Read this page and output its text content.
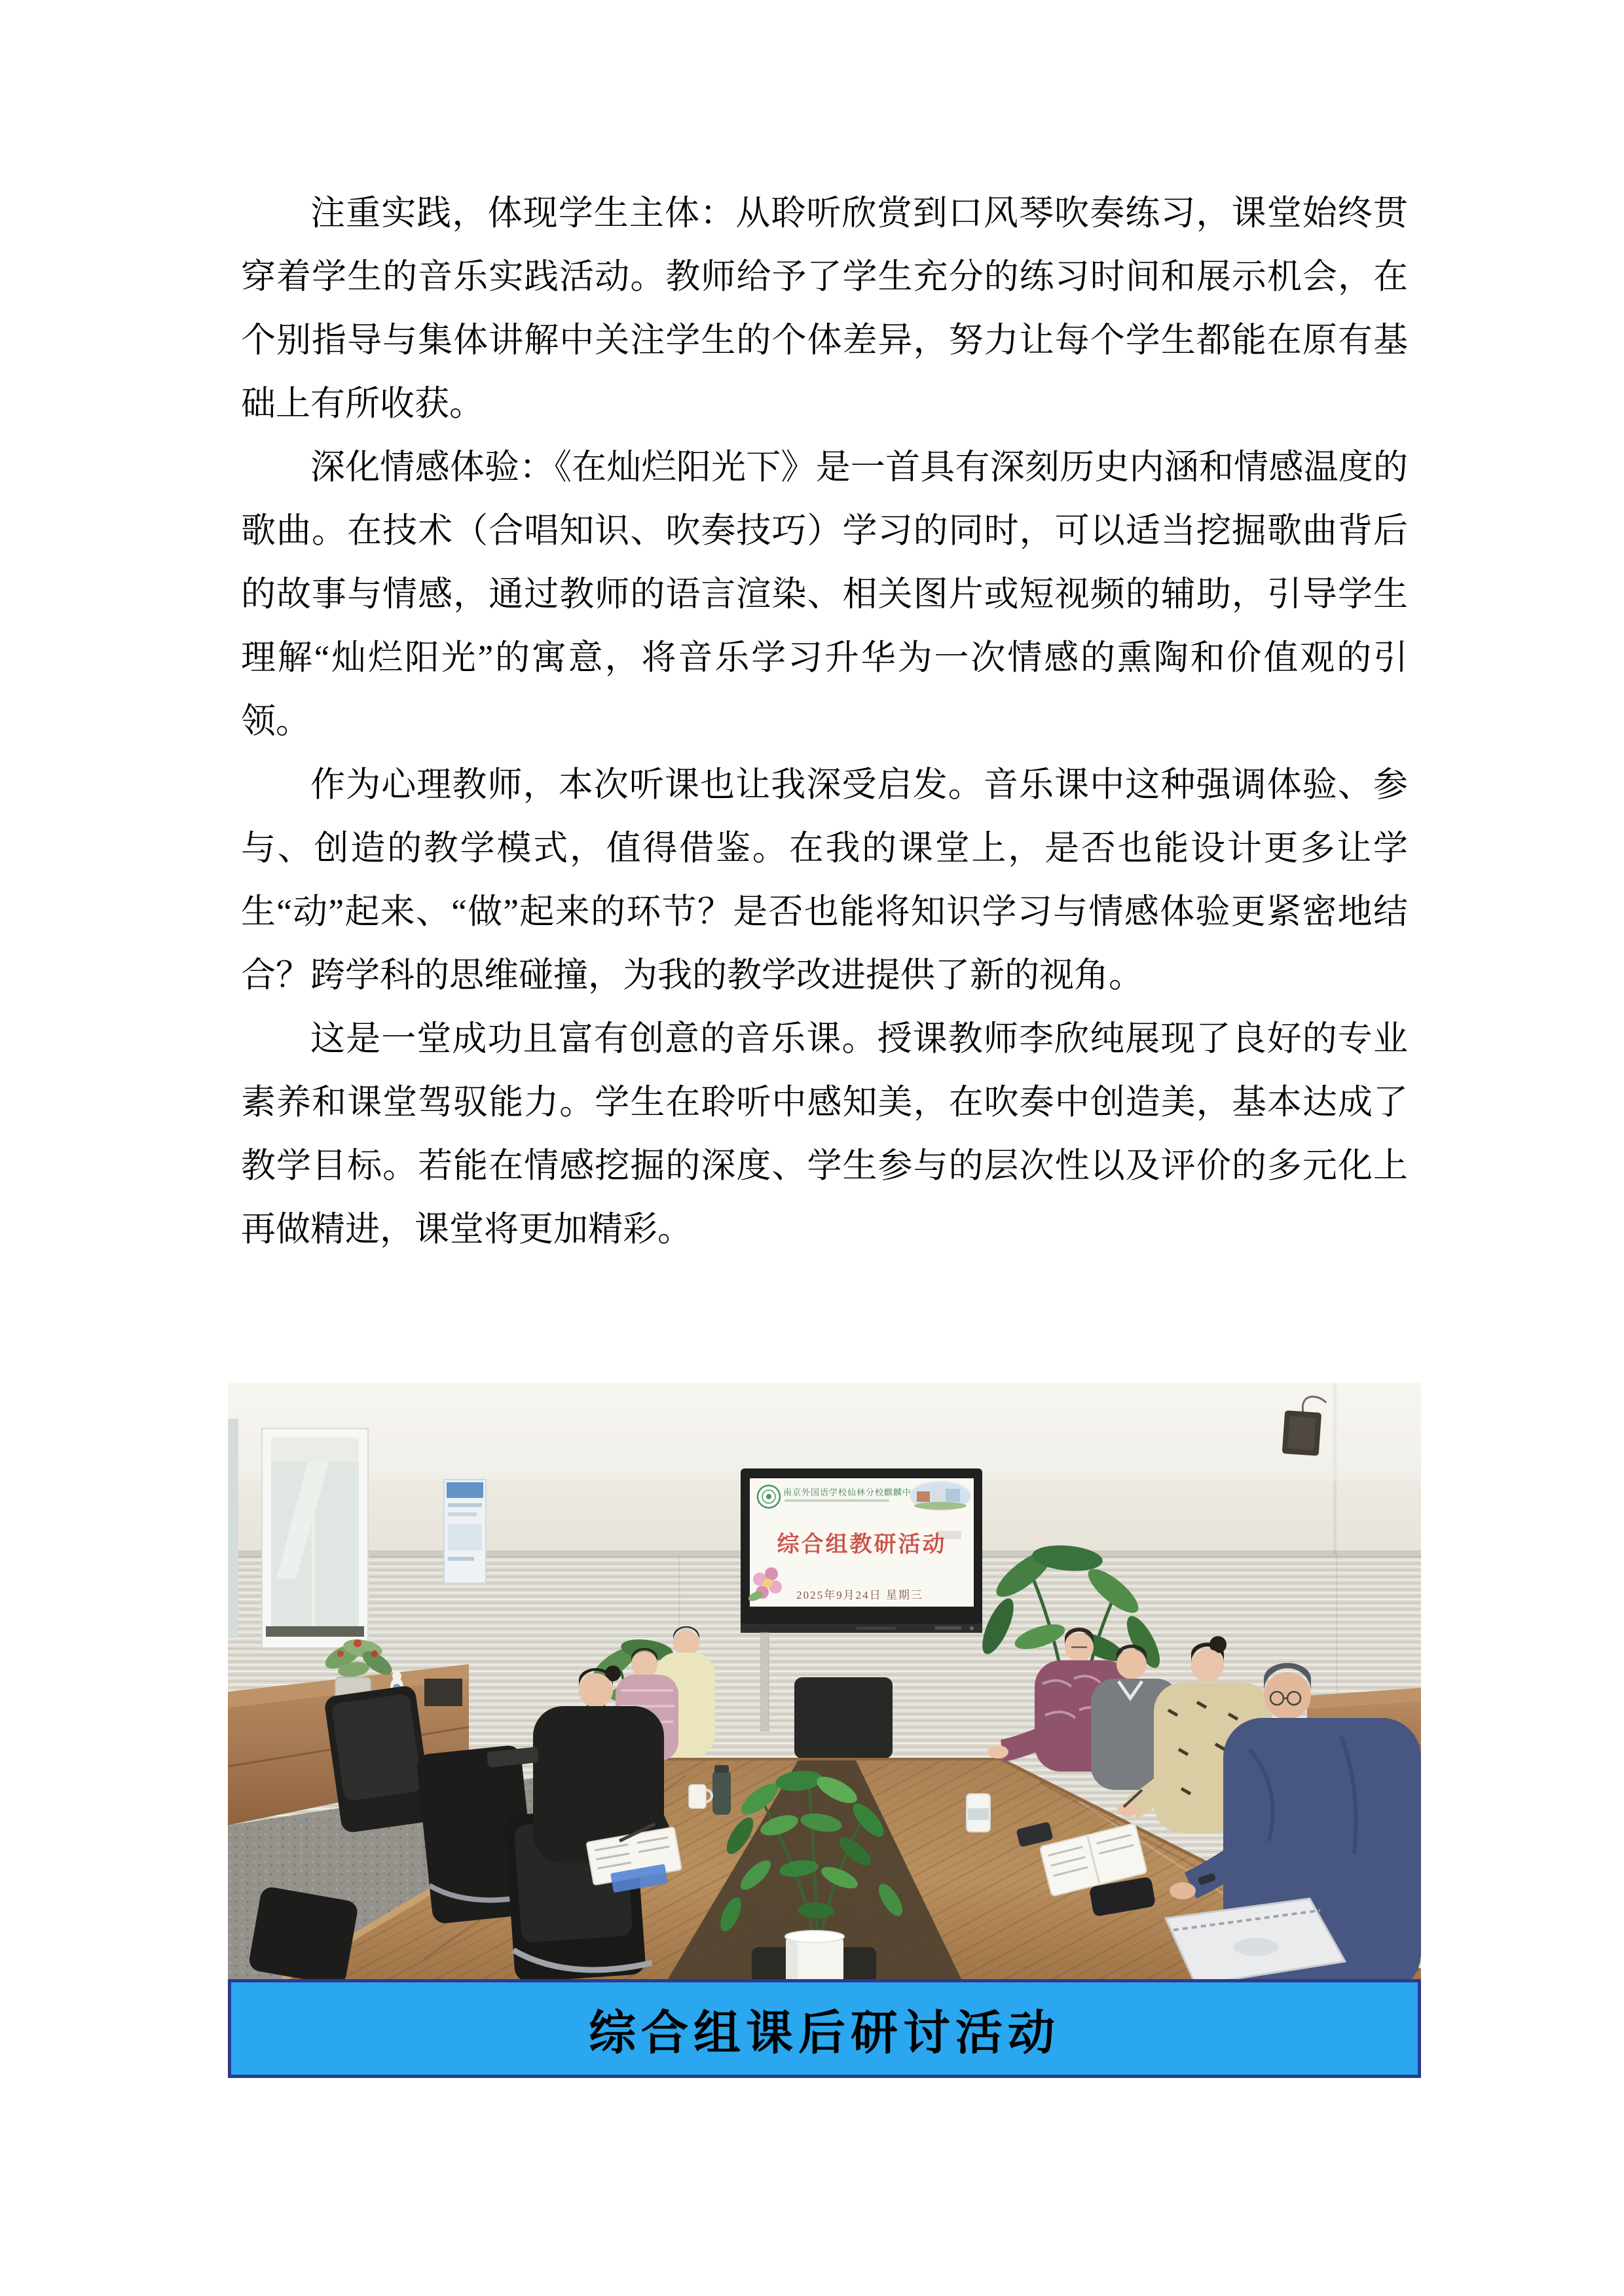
注重实践，体现学生主体：从聆听欣赏到口风琴吹奏练习，课堂始终贯穿着学生的音乐实践活动。教师给予了学生充分的练习时间和展示机会，在个别指导与集体讲解中关注学生的个体差异，努力让每个学生都能在原有基础上有所收获。

深化情感体验：《在灿烂阳光下》是一首具有深刻历史内涵和情感温度的歌曲。在技术（合唱知识、吹奏技巧）学习的同时，可以适当挖掘歌曲背后的故事与情感，通过教师的语言渲染、相关图片或短视频的辅助，引导学生理解“灿烂阳光”的寓意，将音乐学习升华为一次情感的熏陶和价值观的引领。

作为心理教师，本次听课也让我深受启发。音乐课中这种强调体验、参与、创造的教学模式，值得借鉴。在我的课堂上，是否也能设计更多让学生“动”起来、“做”起来的环节？是否也能将知识学习与情感体验更紧密地结合？跨学科的思维碰撞，为我的教学改进提供了新的视角。

这是一堂成功且富有创意的音乐课。授课教师李欣纯展现了良好的专业素养和课堂驾驭能力。学生在聆听中感知美，在吹奏中创造美，基本达成了教学目标。若能在情感挖掘的深度、学生参与的层次性以及评价的多元化上再做精进，课堂将更加精彩。

综合组课后研讨活动
